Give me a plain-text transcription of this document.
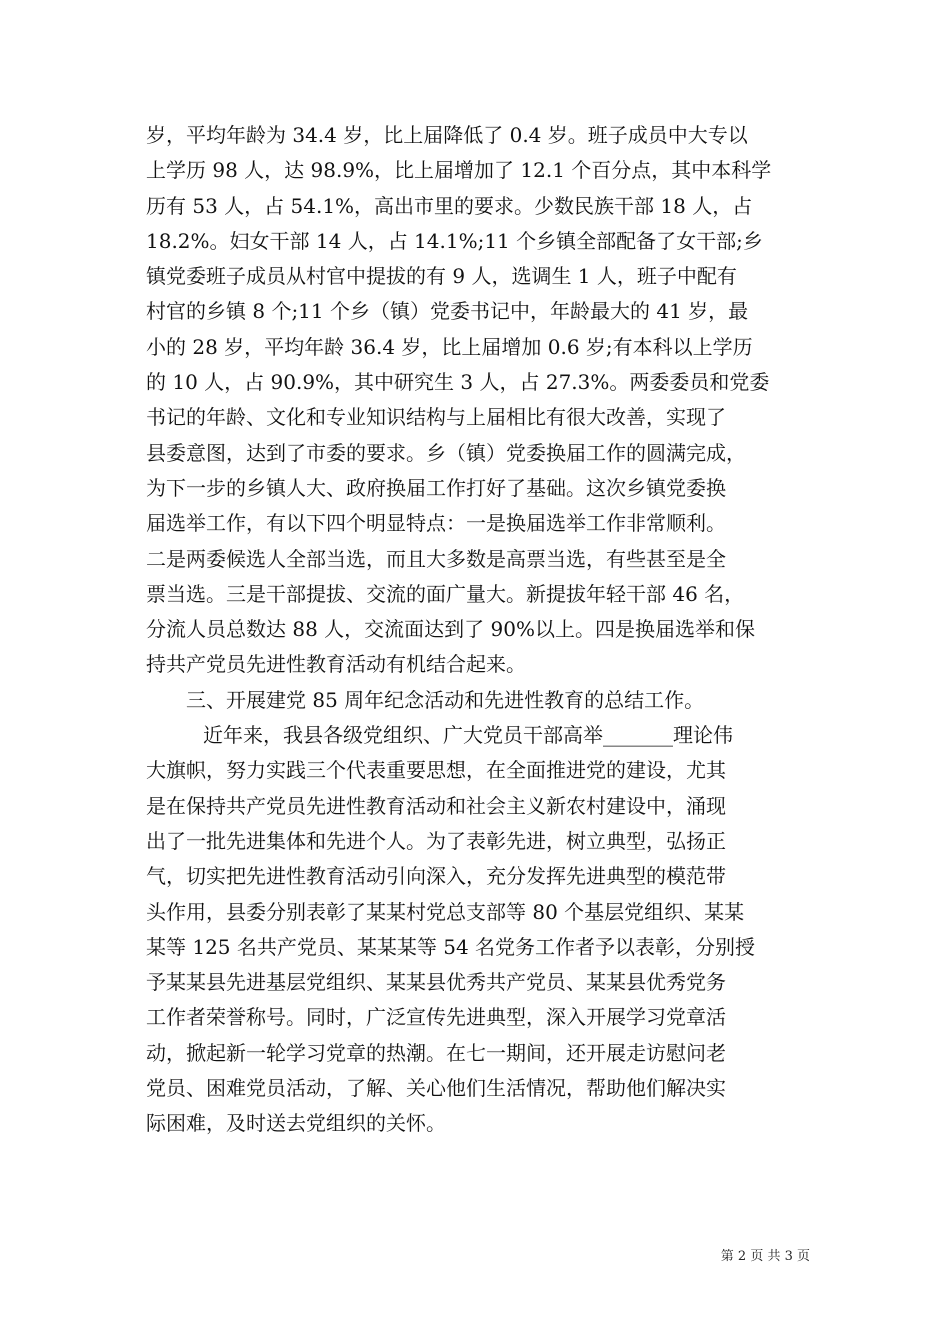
岁，平均年龄为 34.4 岁，比上届降低了 0.4 岁。班子成员中大专以
上学历 98 人，达 98.9%，比上届增加了 12.1 个百分点，其中本科学
历有 53 人，占 54.1%，高出市里的要求。少数民族干部 18 人，占
18.2%。妇女干部 14 人，占 14.1%;11 个乡镇全部配备了女干部;乡
镇党委班子成员从村官中提拔的有 9 人，选调生 1 人，班子中配有
村官的乡镇 8 个;11 个乡（镇）党委书记中，年龄最大的 41 岁，最
小的 28 岁，平均年龄 36.4 岁，比上届增加 0.6 岁;有本科以上学历
的 10 人，占 90.9%，其中研究生 3 人，占 27.3%。两委委员和党委
书记的年龄、文化和专业知识结构与上届相比有很大改善，实现了
县委意图，达到了市委的要求。乡（镇）党委换届工作的圆满完成，
为下一步的乡镇人大、政府换届工作打好了基础。这次乡镇党委换
届选举工作，有以下四个明显特点：一是换届选举工作非常顺利。
二是两委候选人全部当选，而且大多数是高票当选，有些甚至是全
票当选。三是干部提拔、交流的面广量大。新提拔年轻干部 46 名，
分流人员总数达 88 人，交流面达到了 90%以上。四是换届选举和保
持共产党员先进性教育活动有机结合起来。
三、开展建党 85 周年纪念活动和先进性教育的总结工作。
近年来，我县各级党组织、广大党员干部高举_______理论伟
大旗帜，努力实践三个代表重要思想，在全面推进党的建设，尤其
是在保持共产党员先进性教育活动和社会主义新农村建设中，涌现
出了一批先进集体和先进个人。为了表彰先进，树立典型，弘扬正
气，切实把先进性教育活动引向深入，充分发挥先进典型的模范带
头作用，县委分别表彰了某某村党总支部等 80 个基层党组织、某某
某等 125 名共产党员、某某某等 54 名党务工作者予以表彰，分别授
予某某县先进基层党组织、某某县优秀共产党员、某某县优秀党务
工作者荣誉称号。同时，广泛宣传先进典型，深入开展学习党章活
动，掀起新一轮学习党章的热潮。在七一期间，还开展走访慰问老
党员、困难党员活动，了解、关心他们生活情况，帮助他们解决实
际困难，及时送去党组织的关怀。
第 2 页 共 3 页
